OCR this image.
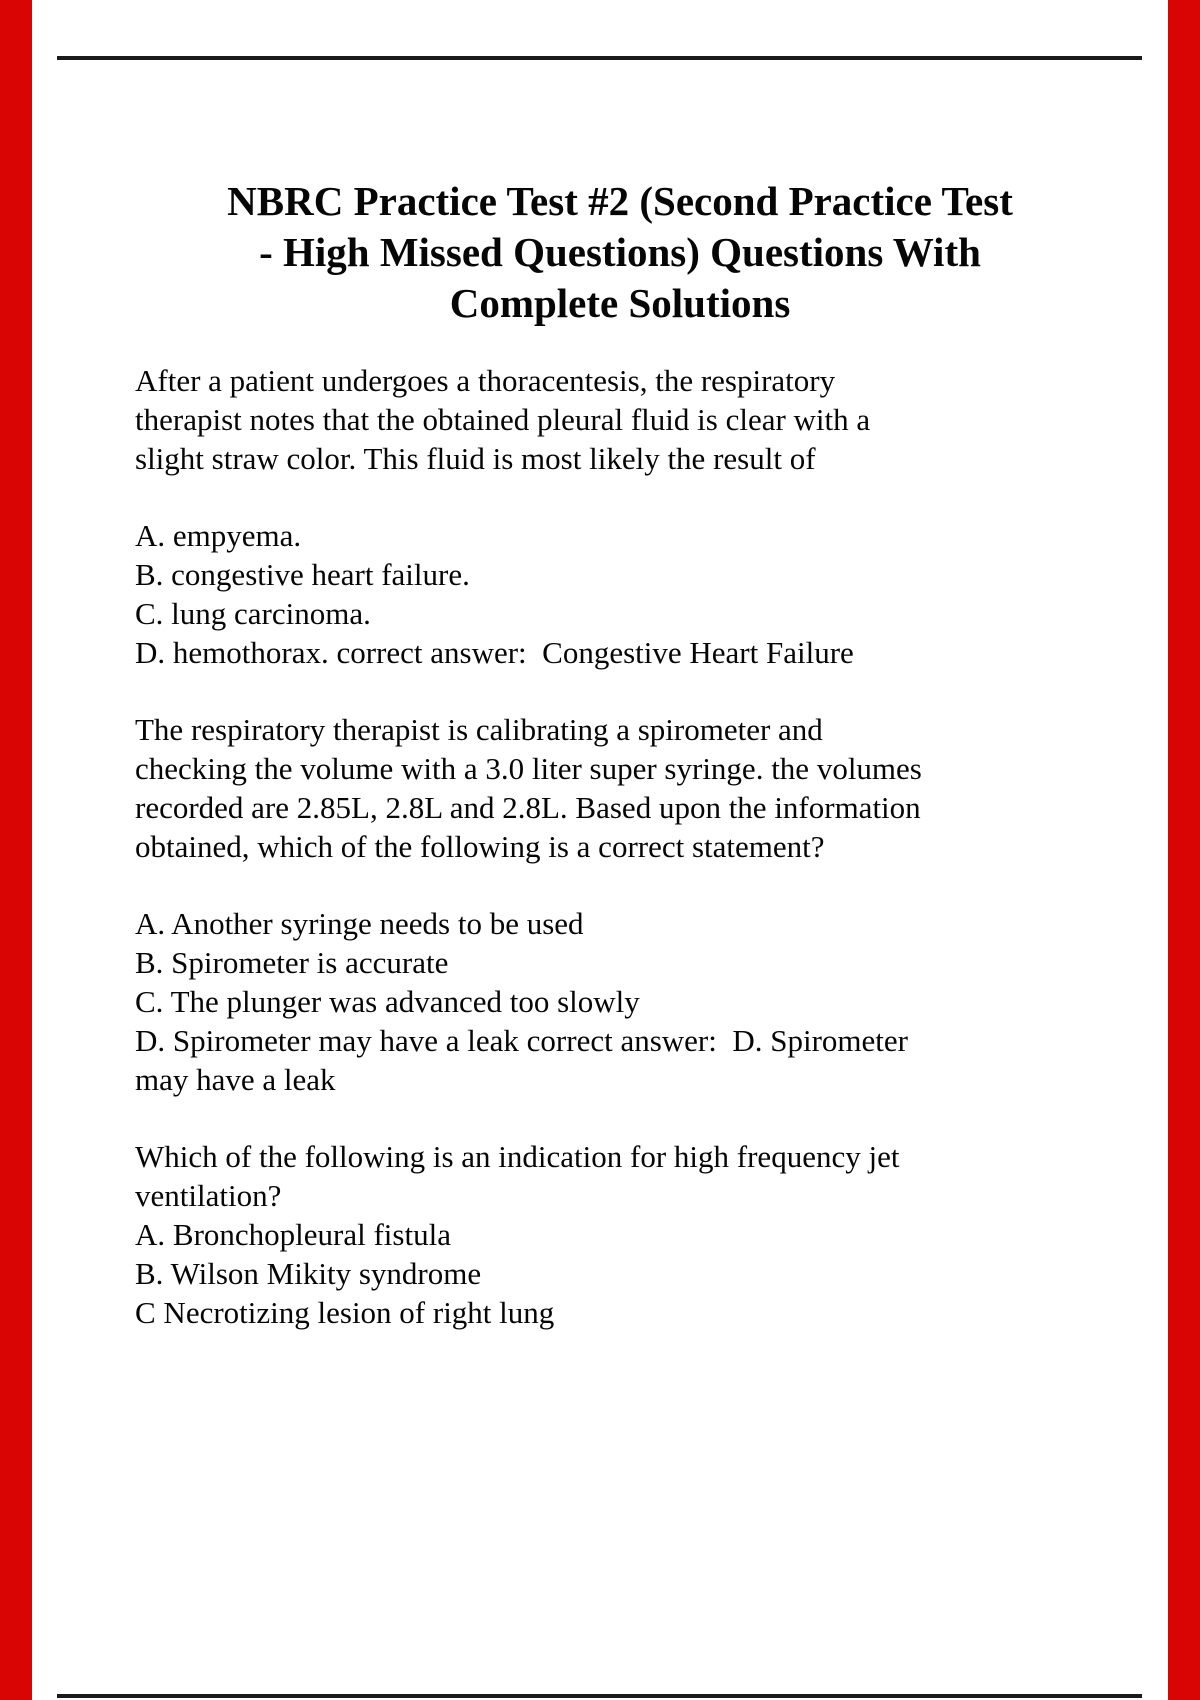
NBRC Practice Test #2 (Second Practice Test
- High Missed Questions) Questions With
Complete Solutions

After a patient undergoes a thoracentesis, the respiratory
therapist notes that the obtained pleural fluid is clear with a
slight straw color. This fluid is most likely the result of

A. empyema.
B. congestive heart failure.
C. lung carcinoma.
D. hemothorax. correct answer:  Congestive Heart Failure

The respiratory therapist is calibrating a spirometer and
checking the volume with a 3.0 liter super syringe. the volumes
recorded are 2.85L, 2.8L and 2.8L. Based upon the information
obtained, which of the following is a correct statement?

A. Another syringe needs to be used
B. Spirometer is accurate
C. The plunger was advanced too slowly
D. Spirometer may have a leak correct answer:  D. Spirometer
may have a leak

Which of the following is an indication for high frequency jet
ventilation?
A. Bronchopleural fistula
B. Wilson Mikity syndrome
C Necrotizing lesion of right lung
